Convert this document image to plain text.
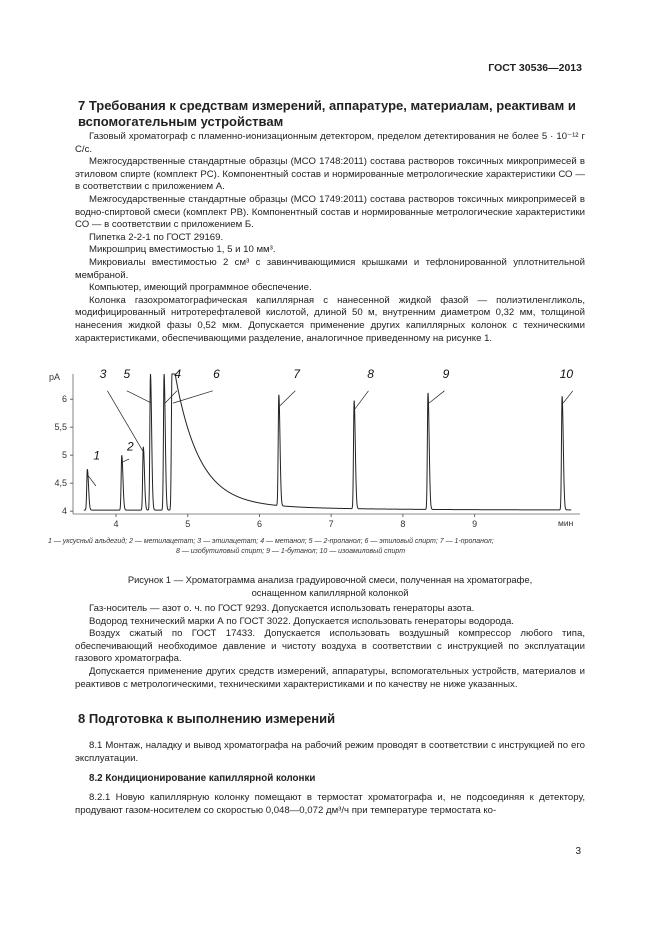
ГОСТ 30536—2013
7 Требования к средствам измерений, аппаратуре, материалам, реактивам и вспомогательным устройствам

Газовый хроматограф с пламенно-ионизационным детектором, пределом детектирования не более 5 · 10⁻¹² г С/с.

Межгосударственные стандартные образцы (МСО 1748:2011) состава растворов токсичных микропримесей в этиловом спирте (комплект РС). Компонентный состав и нормированные метрологические характеристики СО — в соответствии с приложением А.

Межгосударственные стандартные образцы (МСО 1749:2011) состава растворов токсичных микропримесей в водно-спиртовой смеси (комплект РВ). Компонентный состав и нормированные метрологические характеристики СО — в соответствии с приложением Б.

Пипетка 2-2-1 по ГОСТ 29169.

Микрошприц вместимостью 1, 5 и 10 мм³.

Микровиалы вместимостью 2 см³ с завинчивающимися крышками и тефлонированной уплотнительной мембраной.

Компьютер, имеющий программное обеспечение.

Колонка газохроматографическая капиллярная с нанесенной жидкой фазой — полиэтиленгликоль, модифицированный нитротерефталевой кислотой, длиной 50 м, внутренним диаметром 0,32 мм, толщиной нанесения жидкой фазы 0,52 мкм. Допускается применение других капиллярных колонок с техническими характеристиками, обеспечивающими разделение, аналогичное приведенному на рисунке 1.

pA
мин
4	5	6	7	8	9
4
4,5
5
5,5
6
1
2
3 5	4	6	7	8	9	10
1 — уксусный альдегид; 2 — метилацетат; 3 — этилацетат; 4 — метанол; 5 — 2-пропанол; 6 — этиловый спирт; 7 — 1-пропанол;
8 — изобутиловый спирт; 9 — 1-бутанол; 10 — изоамиловый спирт
Рисунок 1 — Хроматограмма анализа градуировочной смеси, полученная на хроматографе,
оснащенном капиллярной колонкой

Газ-носитель — азот о. ч. по ГОСТ 9293. Допускается использовать генераторы азота.

Водород технический марки А по ГОСТ 3022. Допускается использовать генераторы водорода.

Воздух сжатый по ГОСТ 17433. Допускается использовать воздушный компрессор любого типа, обеспечивающий необходимое давление и чистоту воздуха в соответствии с инструкцией по эксплуатации газового хроматографа.

Допускается применение других средств измерений, аппаратуры, вспомогательных устройств, материалов и реактивов с метрологическими, техническими характеристиками и по качеству не ниже указанных.

8 Подготовка к выполнению измерений

8.1 Монтаж, наладку и вывод хроматографа на рабочий режим проводят в соответствии с инструкцией по его эксплуатации.

8.2 Кондиционирование капиллярной колонки

8.2.1 Новую капиллярную колонку помещают в термостат хроматографа и, не подсоединяя к детектору, продувают газом-носителем со скоростью 0,048—0,072 дм³/ч при температуре термостата ко-

3
